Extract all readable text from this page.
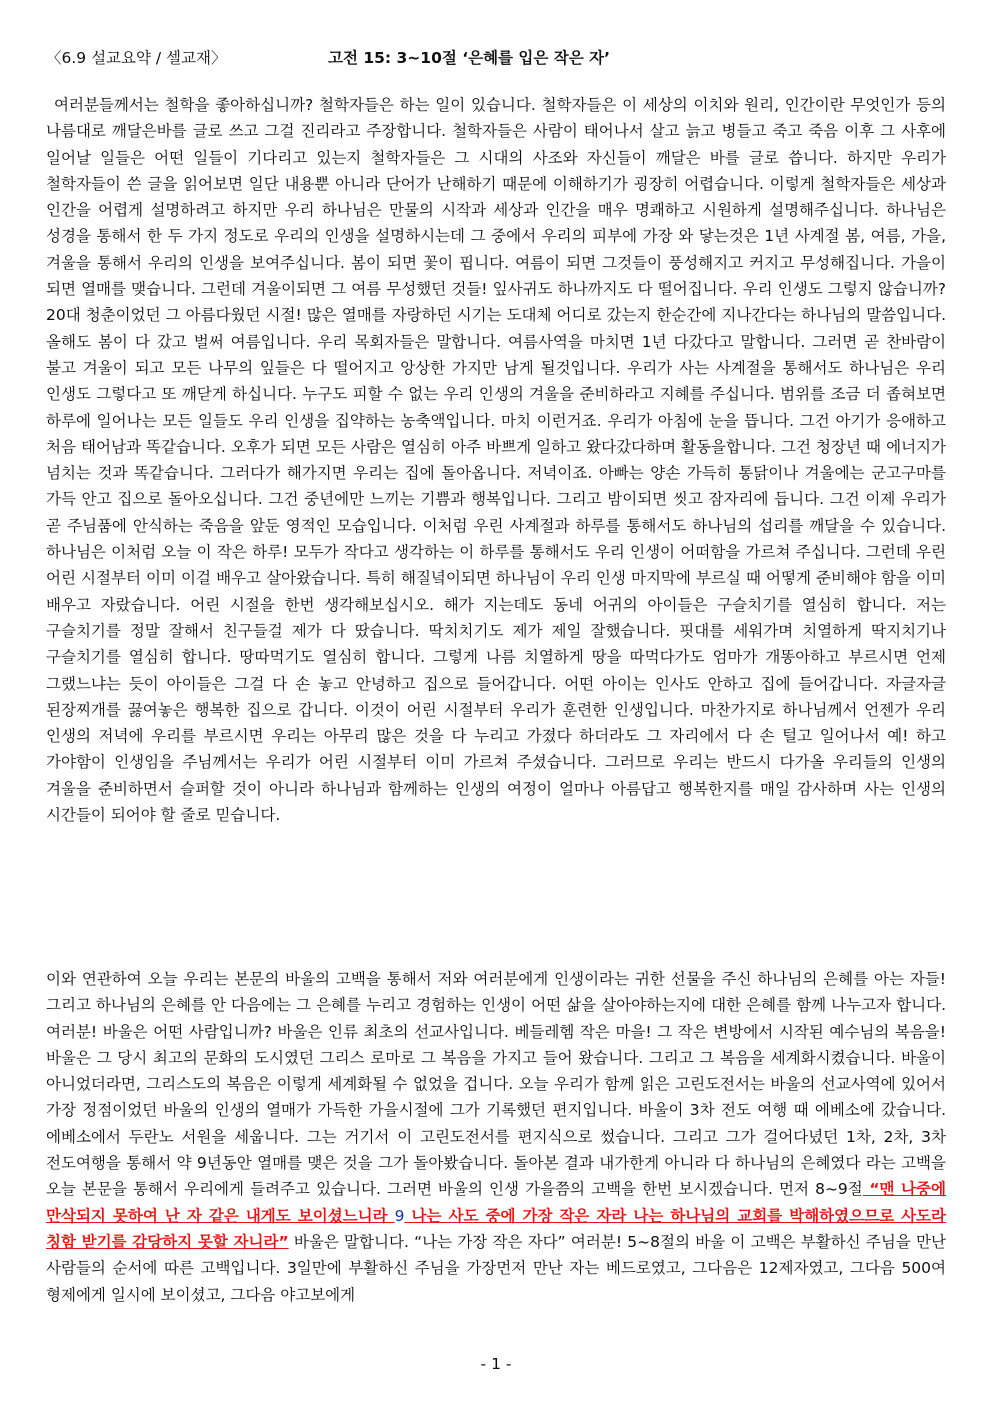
〈6.9 설교요약 / 셀교재〉	고전 15: 3~10절 ‘은혜를 입은 작은 자’

여러분들께서는 철학을 좋아하십니까? 철학자들은 하는 일이 있습니다. 철학자들은 이 세상의 이치와 원리, 인간이란 무엇인가 등의 나름대로 깨달은바를 글로 쓰고 그걸 진리라고 주장합니다. 철학자들은 사람이 태어나서 살고 늙고 병들고 죽고 죽음 이후 그 사후에 일어날 일들은 어떤 일들이 기다리고 있는지 철학자들은 그 시대의 사조와 자신들이 깨달은 바를 글로 씁니다. 하지만 우리가 철학자들이 쓴 글을 읽어보면 일단 내용뿐 아니라 단어가 난해하기 때문에 이해하기가 굉장히 어렵습니다. 이렇게 철학자들은 세상과 인간을 어렵게 설명하려고 하지만 우리 하나님은 만물의 시작과 세상과 인간을 매우 명쾌하고 시원하게 설명해주십니다. 하나님은 성경을 통해서 한 두 가지 정도로 우리의 인생을 설명하시는데 그 중에서 우리의 피부에 가장 와 닿는것은 1년 사계절 봄, 여름, 가을, 겨울을 통해서 우리의 인생을 보여주십니다. 봄이 되면 꽃이 핍니다. 여름이 되면 그것들이 풍성해지고 커지고 무성해집니다. 가을이 되면 열매를 맺습니다. 그런데 겨울이되면 그 여름 무성했던 것들! 잎사귀도 하나까지도 다 떨어집니다. 우리 인생도 그렇지 않습니까? 20대 청춘이었던 그 아름다웠던 시절! 많은 열매를 자랑하던 시기는 도대체 어디로 갔는지 한순간에 지나간다는 하나님의 말씀입니다. 올해도 봄이 다 갔고 벌써 여름입니다. 우리 목회자들은 말합니다. 여름사역을 마치면 1년 다갔다고 말합니다. 그러면 곧 찬바람이 불고 겨울이 되고 모든 나무의 잎들은 다 떨어지고 앙상한 가지만 남게 될것입니다. 우리가 사는 사계절을 통해서도 하나님은 우리 인생도 그렇다고 또 깨닫게 하십니다. 누구도 피할 수 없는 우리 인생의 겨울을 준비하라고 지혜를 주십니다. 범위를 조금 더 좁혀보면 하루에 일어나는 모든 일들도 우리 인생을 집약하는 농축액입니다. 마치 이런거죠. 우리가 아침에 눈을 뜹니다. 그건 아기가 응애하고 처음 태어남과 똑같습니다. 오후가 되면 모든 사람은 열심히 아주 바쁘게 일하고 왔다갔다하며 활동을합니다. 그건 청장년 때 에너지가 넘치는 것과 똑같습니다. 그러다가 해가지면 우리는 집에 돌아옵니다. 저녁이죠. 아빠는 양손 가득히 통닭이나 겨울에는 군고구마를 가득 안고 집으로 돌아오십니다. 그건 중년에만 느끼는 기쁨과 행복입니다. 그리고 밤이되면 씻고 잠자리에 듭니다. 그건 이제 우리가 곧 주님품에 안식하는 죽음을 앞둔 영적인 모습입니다. 이처럼 우린 사계절과 하루를 통해서도 하나님의 섭리를 깨달을 수 있습니다. 하나님은 이처럼 오늘 이 작은 하루! 모두가 작다고 생각하는 이 하루를 통해서도 우리 인생이 어떠함을 가르쳐 주십니다. 그런데 우린 어린 시절부터 이미 이걸 배우고 살아왔습니다. 특히 해질녘이되면 하나님이 우리 인생 마지막에 부르실 때 어떻게 준비해야 함을 이미 배우고 자랐습니다. 어린 시절을 한번 생각해보십시오. 해가 지는데도 동네 어귀의 아이들은 구슬치기를 열심히 합니다. 저는 구슬치기를 정말 잘해서 친구들걸 제가 다 땄습니다. 딱치치기도 제가 제일 잘했습니다. 핏대를 세워가며 치열하게 딱지치기나 구슬치기를 열심히 합니다. 땅따먹기도 열심히 합니다. 그렇게 나름 치열하게 땅을 따먹다가도 엄마가 개똥아하고 부르시면 언제 그랬느냐는 듯이 아이들은 그걸 다 손 놓고 안녕하고 집으로 들어갑니다. 어떤 아이는 인사도 안하고 집에 들어갑니다. 자글자글 된장찌개를 끓여놓은 행복한 집으로 갑니다. 이것이 어린 시절부터 우리가 훈련한 인생입니다. 마찬가지로 하나님께서 언젠가 우리 인생의 저녁에 우리를 부르시면 우리는 아무리 많은 것을 다 누리고 가졌다 하더라도 그 자리에서 다 손 털고 일어나서 예! 하고 가야함이 인생임을 주님께서는 우리가 어린 시절부터 이미 가르쳐 주셨습니다. 그러므로 우리는 반드시 다가올 우리들의 인생의 겨울을 준비하면서 슬퍼할 것이 아니라 하나님과 함께하는 인생의 여정이 얼마나 아름답고 행복한지를 매일 감사하며 사는 인생의 시간들이 되어야 할 줄로 믿습니다.

이와 연관하여 오늘 우리는 본문의 바울의 고백을 통해서 저와 여러분에게 인생이라는 귀한 선물을 주신 하나님의 은혜를 아는 자들! 그리고 하나님의 은혜를 안 다음에는 그 은혜를 누리고 경험하는 인생이 어떤 삶을 살아야하는지에 대한 은혜를 함께 나누고자 합니다. 여러분! 바울은 어떤 사람입니까? 바울은 인류 최초의 선교사입니다. 베들레헴 작은 마을! 그 작은 변방에서 시작된 예수님의 복음을! 바울은 그 당시 최고의 문화의 도시였던 그리스 로마로 그 복음을 가지고 들어 왔습니다. 그리고 그 복음을 세계화시켰습니다. 바울이 아니었더라면, 그리스도의 복음은 이렇게 세계화될 수 없었을 겁니다. 오늘 우리가 함께 읽은 고린도전서는 바울의 선교사역에 있어서 가장 정점이었던 바울의 인생의 열매가 가득한 가을시절에 그가 기록했던 편지입니다. 바울이 3차 전도 여행 때 에베소에 갔습니다. 에베소에서 두란노 서원을 세웁니다. 그는 거기서 이 고린도전서를 편지식으로 썼습니다. 그리고 그가 걸어다녔던 1차, 2차, 3차 전도여행을 통해서 약 9년동안 열매를 맺은 것을 그가 돌아봤습니다. 돌아본 결과 내가한게 아니라 다 하나님의 은혜였다 라는 고백을 오늘 본문을 통해서 우리에게 들려주고 있습니다. 그러면 바울의 인생 가을쯤의 고백을 한번 보시겠습니다. 먼저 8~9절 “맨 나중에 만삭되지 못하여 난 자 같은 내게도 보이셨느니라 9 나는 사도 중에 가장 작은 자라 나는 하나님의 교회를 박해하였으므로 사도라 칭함 받기를 감당하지 못할 자니라” 바울은 말합니다. “나는 가장 작은 자다” 여러분! 5~8절의 바울 이 고백은 부활하신 주님을 만난 사람들의 순서에 따른 고백입니다. 3일만에 부활하신 주님을 가장먼저 만난 자는 베드로였고, 그다음은 12제자였고, 그다음 500여 형제에게 일시에 보이셨고, 그다음 야고보에게

- 1 -
